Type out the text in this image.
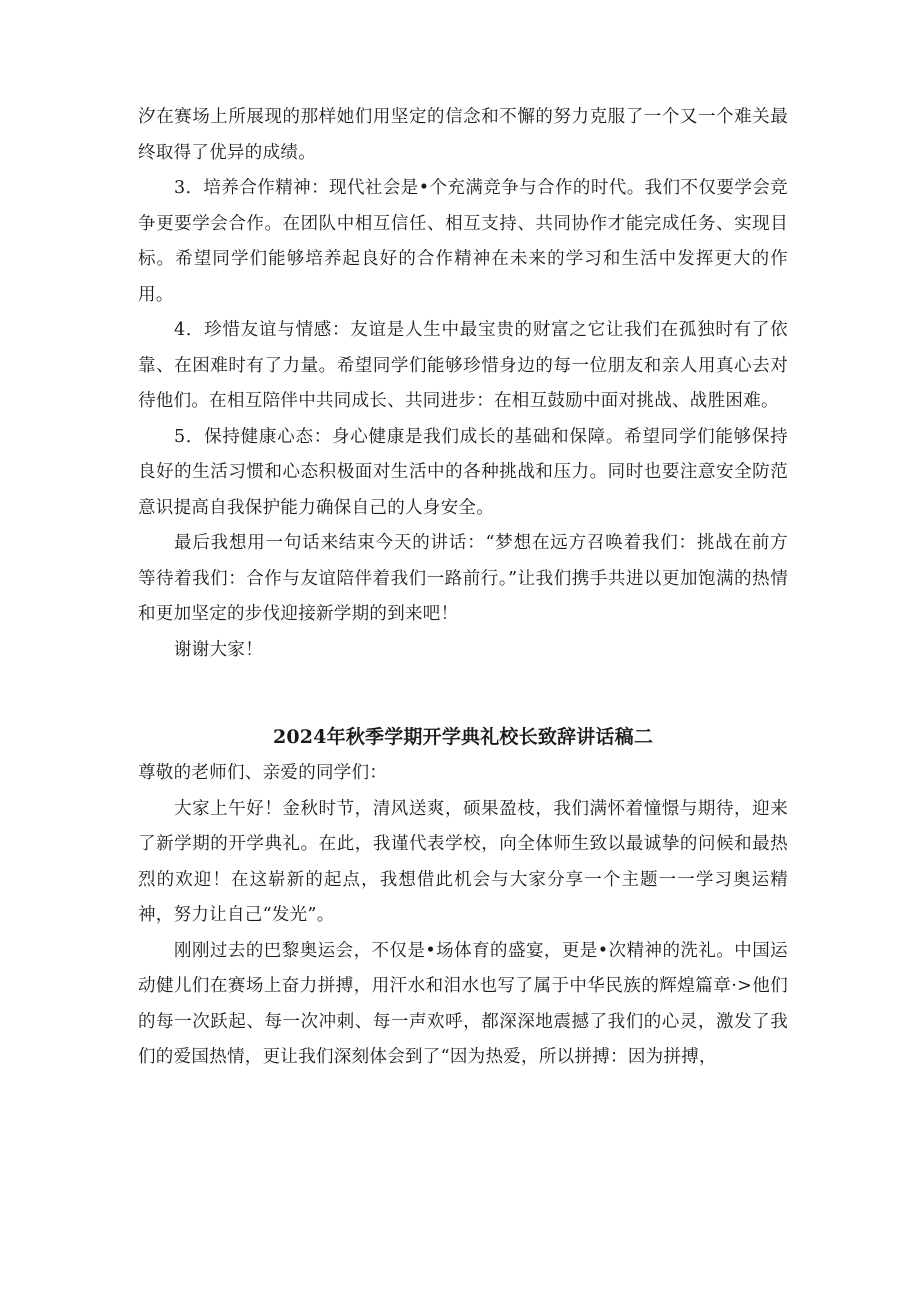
汐在赛场上所展现的那样她们用坚定的信念和不懈的努力克服了一个又一个难关最终取得了优异的成绩。

3．培养合作精神：现代社会是•个充满竞争与合作的时代。我们不仅要学会竞争更要学会合作。在团队中相互信任、相互支持、共同协作才能完成任务、实现目标。希望同学们能够培养起良好的合作精神在未来的学习和生活中发挥更大的作用。

4．珍惜友谊与情感：友谊是人生中最宝贵的财富之它让我们在孤独时有了依靠、在困难时有了力量。希望同学们能够珍惜身边的每一位朋友和亲人用真心去对待他们。在相互陪伴中共同成长、共同进步：在相互鼓励中面对挑战、战胜困难。

5．保持健康心态：身心健康是我们成长的基础和保障。希望同学们能够保持良好的生活习惯和心态积极面对生活中的各种挑战和压力。同时也要注意安全防范意识提高自我保护能力确保自己的人身安全。

最后我想用一句话来结束今天的讲话：“梦想在远方召唤着我们：挑战在前方等待着我们：合作与友谊陪伴着我们一路前行。”让我们携手共进以更加饱满的热情和更加坚定的步伐迎接新学期的到来吧！

谢谢大家！

2024年秋季学期开学典礼校长致辞讲话稿二

尊敬的老师们、亲爱的同学们：

大家上午好！金秋时节，清风送爽，硕果盈枝，我们满怀着憧憬与期待，迎来了新学期的开学典礼。在此，我谨代表学校，向全体师生致以最诚挚的问候和最热烈的欢迎！在这崭新的起点，我想借此机会与大家分享一个主题一一学习奥运精神，努力让自己“发光”。

刚刚过去的巴黎奥运会，不仅是•场体育的盛宴，更是•次精神的洗礼。中国运动健儿们在赛场上奋力拼搏，用汗水和泪水也写了属于中华民族的辉煌篇章·>他们的每一次跃起、每一次冲刺、每一声欢呼，都深深地震撼了我们的心灵，激发了我们的爱国热情，更让我们深刻体会到了“因为热爱，所以拼搏：因为拼搏，
